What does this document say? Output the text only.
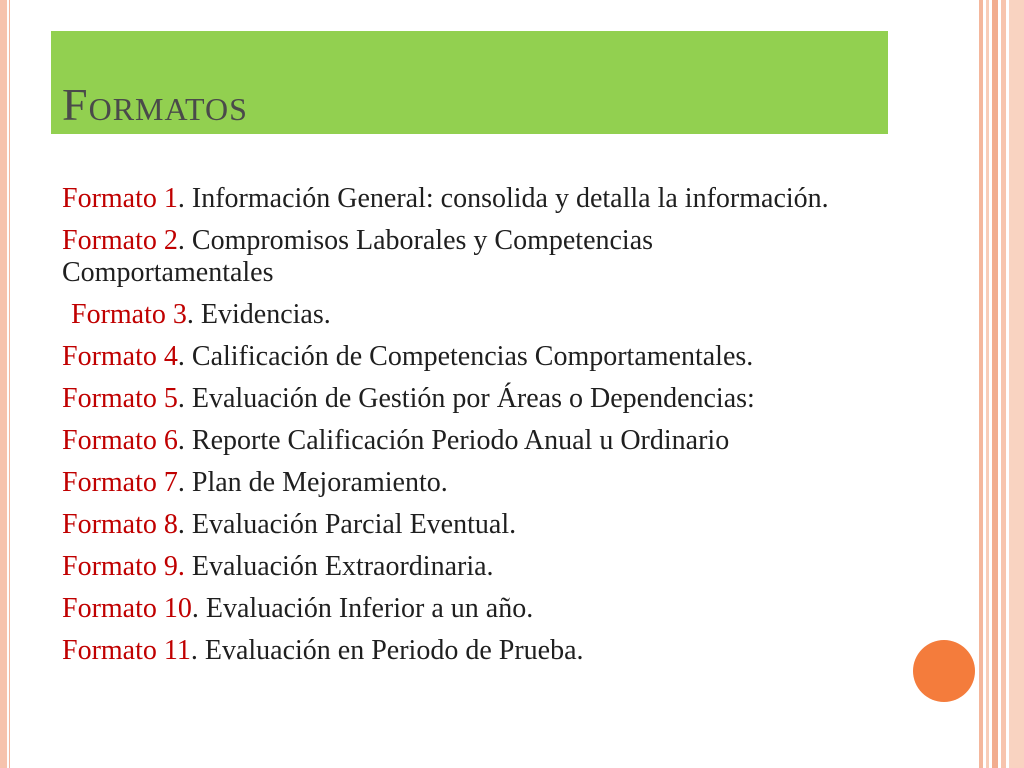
Formatos

Formato 1. Información General: consolida y detalla la información.

Formato 2. Compromisos Laborales y Competencias Comportamentales

Formato 3. Evidencias.

Formato 4. Calificación de Competencias Comportamentales.

Formato 5. Evaluación de Gestión por Áreas o Dependencias:

Formato 6. Reporte Calificación Periodo Anual u Ordinario

Formato 7. Plan de Mejoramiento.

Formato 8. Evaluación Parcial Eventual.

Formato 9. Evaluación Extraordinaria.

Formato 10. Evaluación Inferior a un año.

Formato 11. Evaluación en Periodo de Prueba.
